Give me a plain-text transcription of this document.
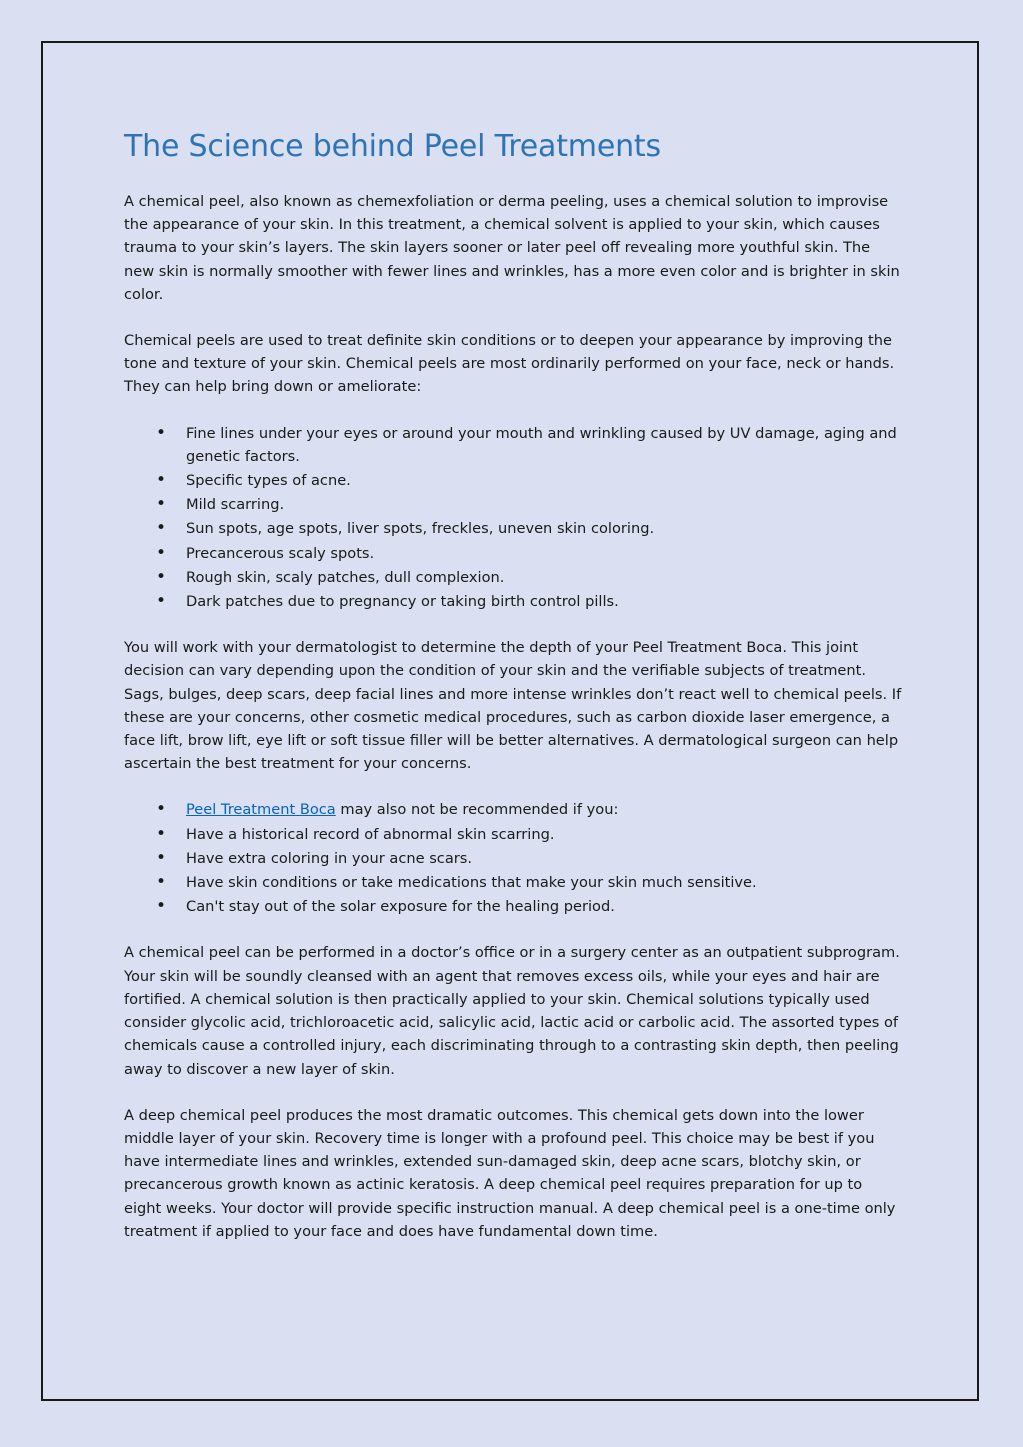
The Science behind Peel Treatments

A chemical peel, also known as chemexfoliation or derma peeling, uses a chemical solution to improvise the appearance of your skin. In this treatment, a chemical solvent is applied to your skin, which causes trauma to your skin’s layers. The skin layers sooner or later peel off revealing more youthful skin. The new skin is normally smoother with fewer lines and wrinkles, has a more even color and is brighter in skin color.

Chemical peels are used to treat definite skin conditions or to deepen your appearance by improving the tone and texture of your skin. Chemical peels are most ordinarily performed on your face, neck or hands. They can help bring down or ameliorate:

• Fine lines under your eyes or around your mouth and wrinkling caused by UV damage, aging and genetic factors.
• Specific types of acne.
• Mild scarring.
• Sun spots, age spots, liver spots, freckles, uneven skin coloring.
• Precancerous scaly spots.
• Rough skin, scaly patches, dull complexion.
• Dark patches due to pregnancy or taking birth control pills.

You will work with your dermatologist to determine the depth of your Peel Treatment Boca. This joint decision can vary depending upon the condition of your skin and the verifiable subjects of treatment. Sags, bulges, deep scars, deep facial lines and more intense wrinkles don’t react well to chemical peels. If these are your concerns, other cosmetic medical procedures, such as carbon dioxide laser emergence, a face lift, brow lift, eye lift or soft tissue filler will be better alternatives. A dermatological surgeon can help ascertain the best treatment for your concerns.

• Peel Treatment Boca may also not be recommended if you:
• Have a historical record of abnormal skin scarring.
• Have extra coloring in your acne scars.
• Have skin conditions or take medications that make your skin much sensitive.
• Can't stay out of the solar exposure for the healing period.

A chemical peel can be performed in a doctor’s office or in a surgery center as an outpatient subprogram. Your skin will be soundly cleansed with an agent that removes excess oils, while your eyes and hair are fortified. A chemical solution is then practically applied to your skin. Chemical solutions typically used consider glycolic acid, trichloroacetic acid, salicylic acid, lactic acid or carbolic acid. The assorted types of chemicals cause a controlled injury, each discriminating through to a contrasting skin depth, then peeling away to discover a new layer of skin.

A deep chemical peel produces the most dramatic outcomes. This chemical gets down into the lower middle layer of your skin. Recovery time is longer with a profound peel. This choice may be best if you have intermediate lines and wrinkles, extended sun-damaged skin, deep acne scars, blotchy skin, or precancerous growth known as actinic keratosis. A deep chemical peel requires preparation for up to eight weeks. Your doctor will provide specific instruction manual. A deep chemical peel is a one-time only treatment if applied to your face and does have fundamental down time.
